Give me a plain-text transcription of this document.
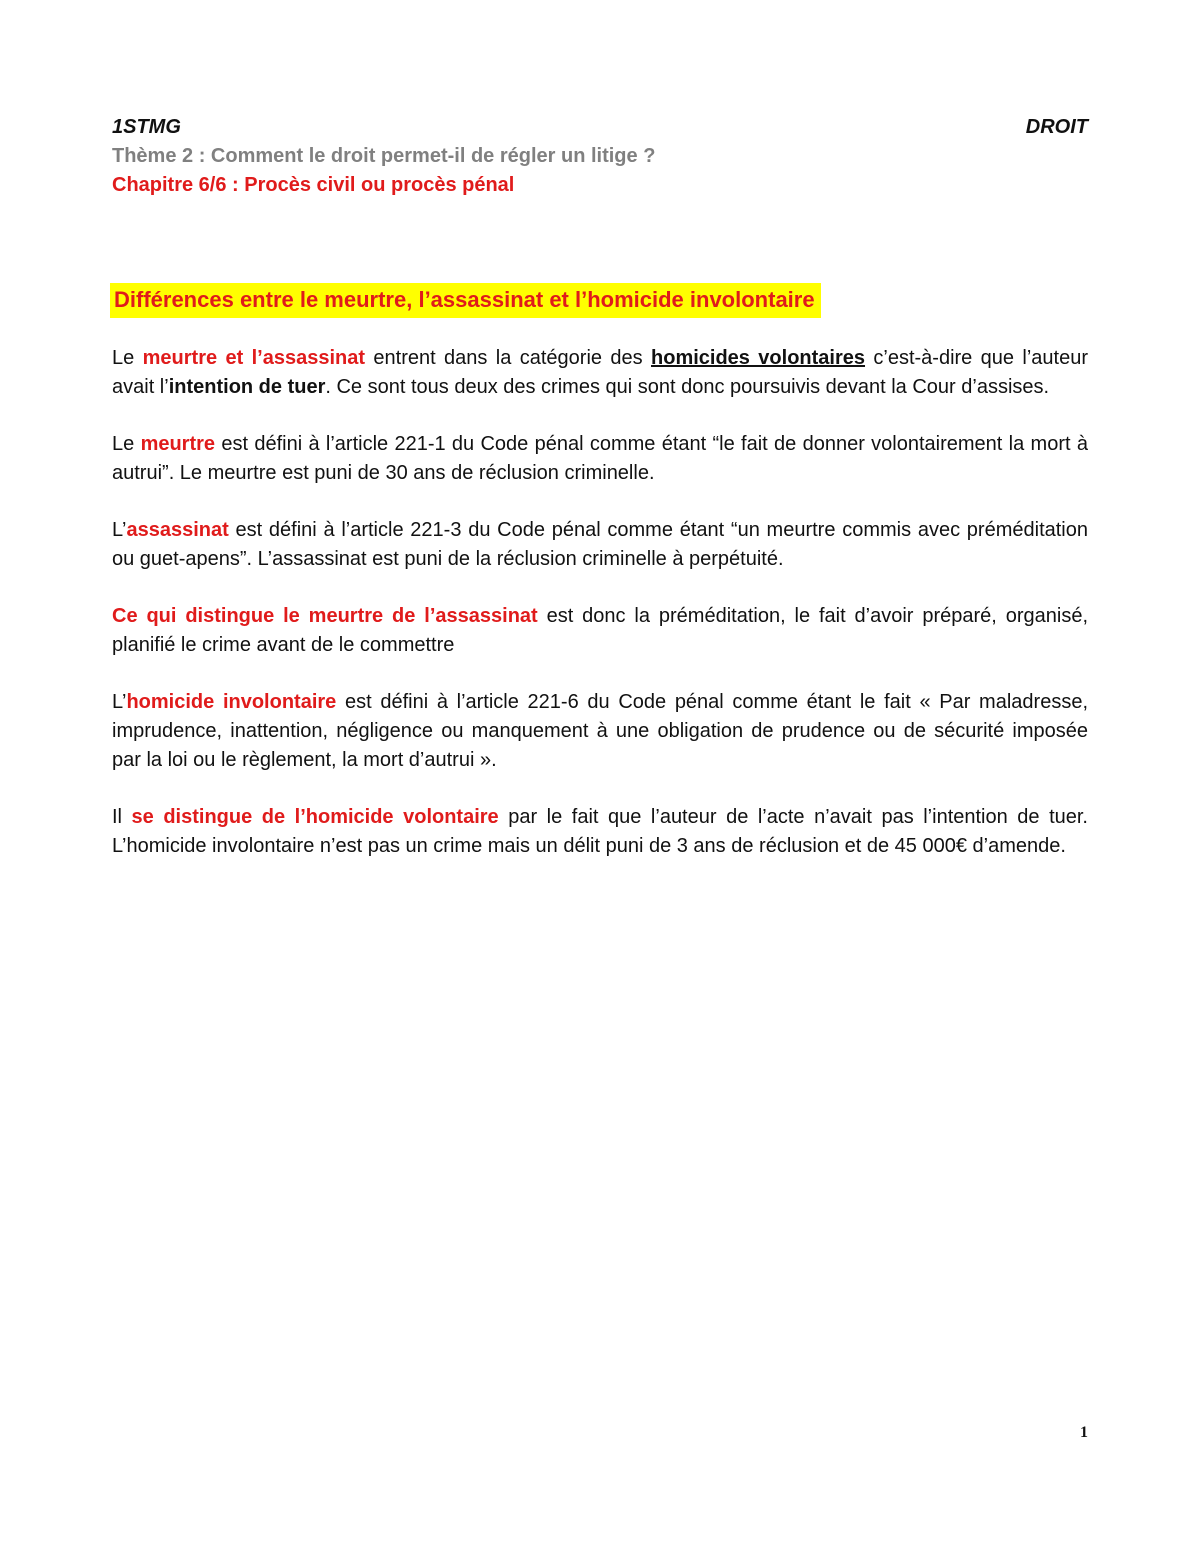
1STMG	DROIT
Thème 2 : Comment le droit permet-il de régler un litige ?
Chapitre 6/6 : Procès civil ou procès pénal
Différences entre le meurtre, l’assassinat et l’homicide involontaire

Le meurtre et l’assassinat entrent dans la catégorie des homicides volontaires c’est-à-dire que l’auteur avait l’intention de tuer. Ce sont tous deux des crimes qui sont donc poursuivis devant la Cour d’assises.

Le meurtre est défini à l’article 221-1 du Code pénal comme étant “le fait de donner volontairement la mort à autrui”. Le meurtre est puni de 30 ans de réclusion criminelle.

L’assassinat est défini à l’article 221-3 du Code pénal comme étant “un meurtre commis avec préméditation ou guet-apens”. L’assassinat est puni de la réclusion criminelle à perpétuité.

Ce qui distingue le meurtre de l’assassinat est donc la préméditation, le fait d’avoir préparé, organisé, planifié le crime avant de le commettre

L’homicide involontaire est défini à l’article 221-6 du Code pénal comme étant le fait « Par maladresse, imprudence, inattention, négligence ou manquement à une obligation de prudence ou de sécurité imposée par la loi ou le règlement, la mort d’autrui ».

Il se distingue de l’homicide volontaire par le fait que l’auteur de l’acte n’avait pas l’intention de tuer. L’homicide involontaire n’est pas un crime mais un délit puni de 3 ans de réclusion et de 45 000€ d’amende.

1
